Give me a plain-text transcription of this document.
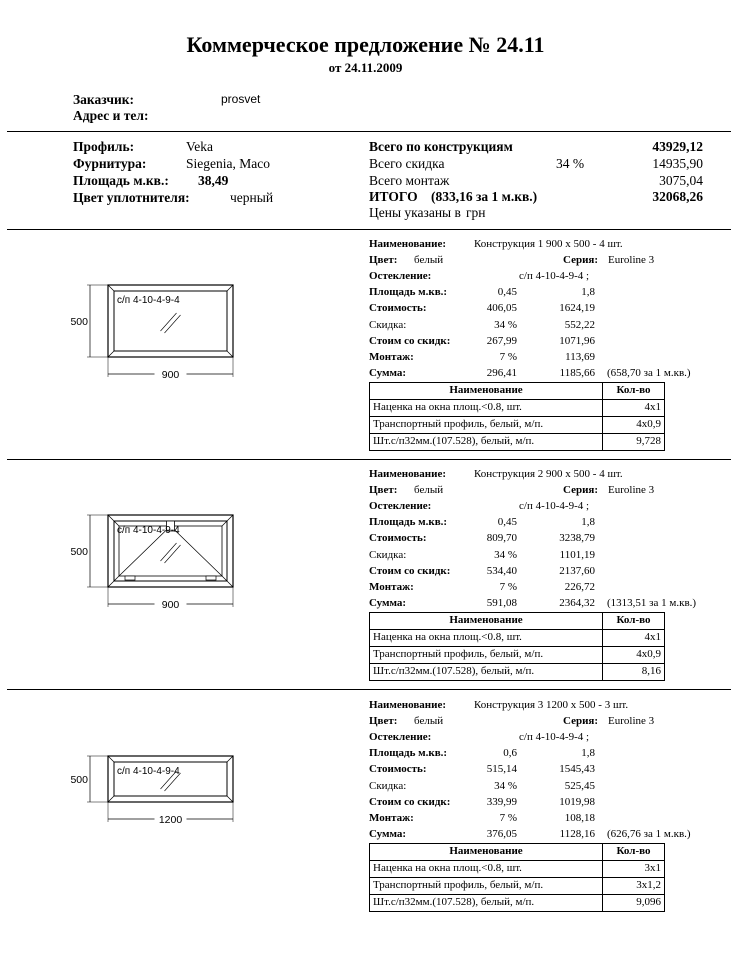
Коммерческое предложение № 24.11
от 24.11.2009
Заказчик:	prosvet
Адрес и тел:
Профиль:	Veka
Фурнитура:	Siegenia, Maco
Площадь м.кв.: 38,49
Цвет уплотнителя:	черный
Всего по конструкциям	43929,12
Всего скидка	34 %	14935,90
Всего монтаж	3075,04
ИТОГО (833,16 за 1 м.кв.)	32068,26
Цены указаны в грн
Наименование:	Конструкция 1 900 x 500 - 4 шт.
Цвет: белый	Серия: Euroline 3
Остекление:	с/п 4-10-4-9-4 ;
Площадь м.кв.:	0,45	1,8
Стоимость:	406,05	1624,19
Скидка:	34 %	552,22
Стоим со скидк:	267,99	1071,96
Монтаж:	7 %	113,69
Сумма:	296,41	1185,66 (658,70 за 1 м.кв.)
Наименование	Кол-во
Наценка на окна площ.<0.8, шт.	4x1
Транспортный профиль, белый, м/п.	4x0,9
Шт.с/п32мм.(107.528), белый, м/п.	9,728
с/п 4-10-4-9-4
500
900
Наименование:	Конструкция 2 900 x 500 - 4 шт.
Цвет: белый	Серия: Euroline 3
Остекление:	с/п 4-10-4-9-4 ;
Площадь м.кв.:	0,45	1,8
Стоимость:	809,70	3238,79
Скидка:	34 %	1101,19
Стоим со скидк:	534,40	2137,60
Монтаж:	7 %	226,72
Сумма:	591,08	2364,32 (1313,51 за 1 м.кв.)
Наименование	Кол-во
Наценка на окна площ.<0.8, шт.	4x1
Транспортный профиль, белый, м/п.	4x0,9
Шт.с/п32мм.(107.528), белый, м/п.	8,16
с/п 4-10-4-9-4
500
900
Наименование:	Конструкция 3 1200 x 500 - 3 шт.
Цвет: белый	Серия: Euroline 3
Остекление:	с/п 4-10-4-9-4 ;
Площадь м.кв.:	0,6	1,8
Стоимость:	515,14	1545,43
Скидка:	34 %	525,45
Стоим со скидк:	339,99	1019,98
Монтаж:	7 %	108,18
Сумма:	376,05	1128,16 (626,76 за 1 м.кв.)
Наименование	Кол-во
Наценка на окна площ.<0.8, шт.	3x1
Транспортный профиль, белый, м/п.	3x1,2
Шт.с/п32мм.(107.528), белый, м/п.	9,096
с/п 4-10-4-9-4
500
1200
